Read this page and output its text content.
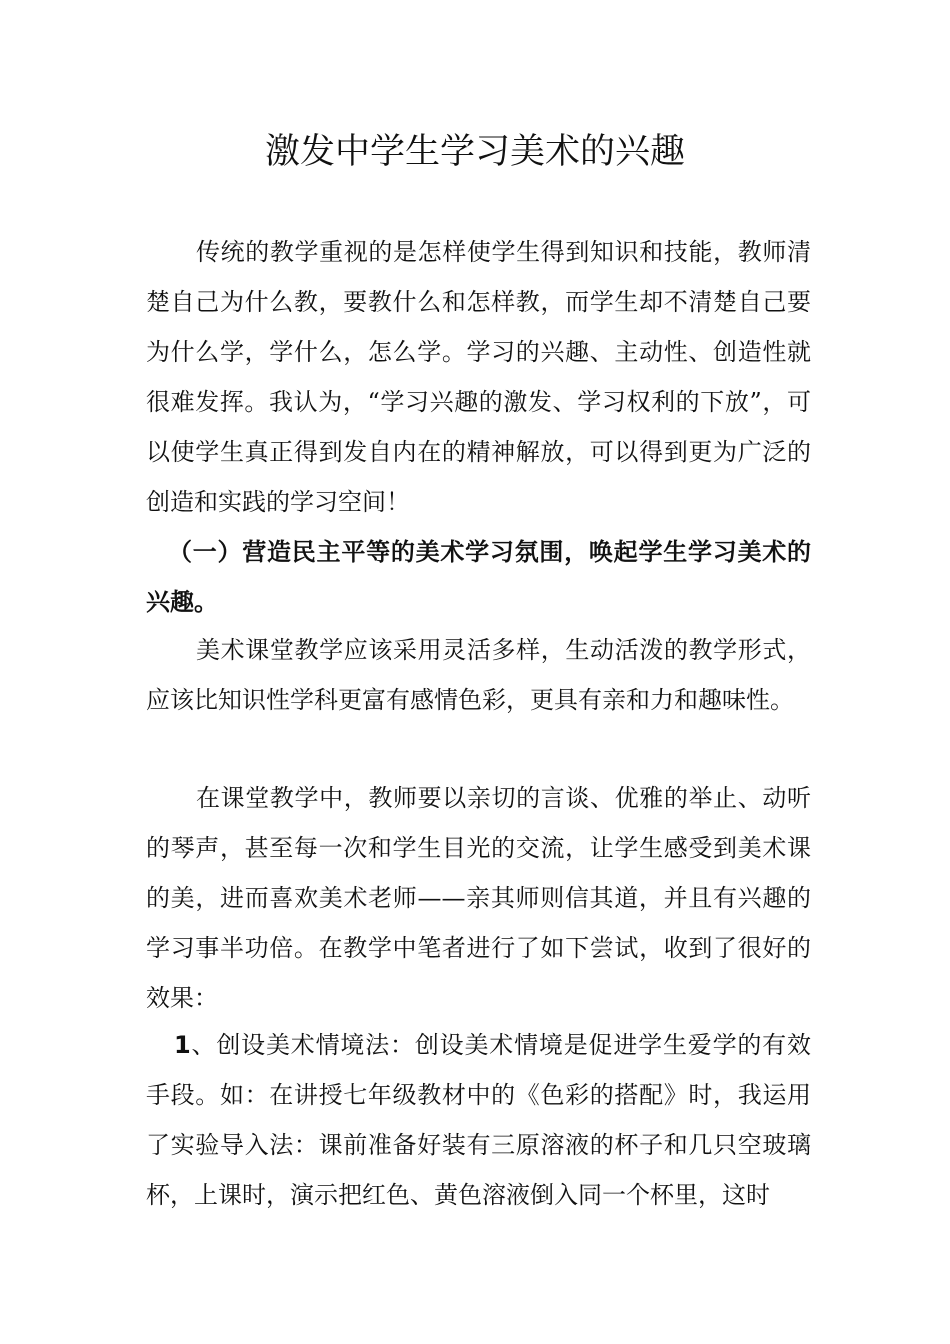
激发中学生学习美术的兴趣

传统的教学重视的是怎样使学生得到知识和技能，教师清楚自己为什么教，要教什么和怎样教，而学生却不清楚自己要为什么学，学什么，怎么学。学习的兴趣、主动性、创造性就很难发挥。我认为，“学习兴趣的激发、学习权利的下放”，可以使学生真正得到发自内在的精神解放，可以得到更为广泛的创造和实践的学习空间！

（一）营造民主平等的美术学习氛围，唤起学生学习美术的兴趣。

美术课堂教学应该采用灵活多样，生动活泼的教学形式，应该比知识性学科更富有感情色彩，更具有亲和力和趣味性。

在课堂教学中，教师要以亲切的言谈、优雅的举止、动听的琴声，甚至每一次和学生目光的交流，让学生感受到美术课的美，进而喜欢美术老师——亲其师则信其道，并且有兴趣的学习事半功倍。在教学中笔者进行了如下尝试，收到了很好的效果：

1、创设美术情境法：创设美术情境是促进学生爱学的有效手段。如：在讲授七年级教材中的《色彩的搭配》时，我运用了实验导入法：课前准备好装有三原溶液的杯子和几只空玻璃杯，上课时，演示把红色、黄色溶液倒入同一个杯里，这时
